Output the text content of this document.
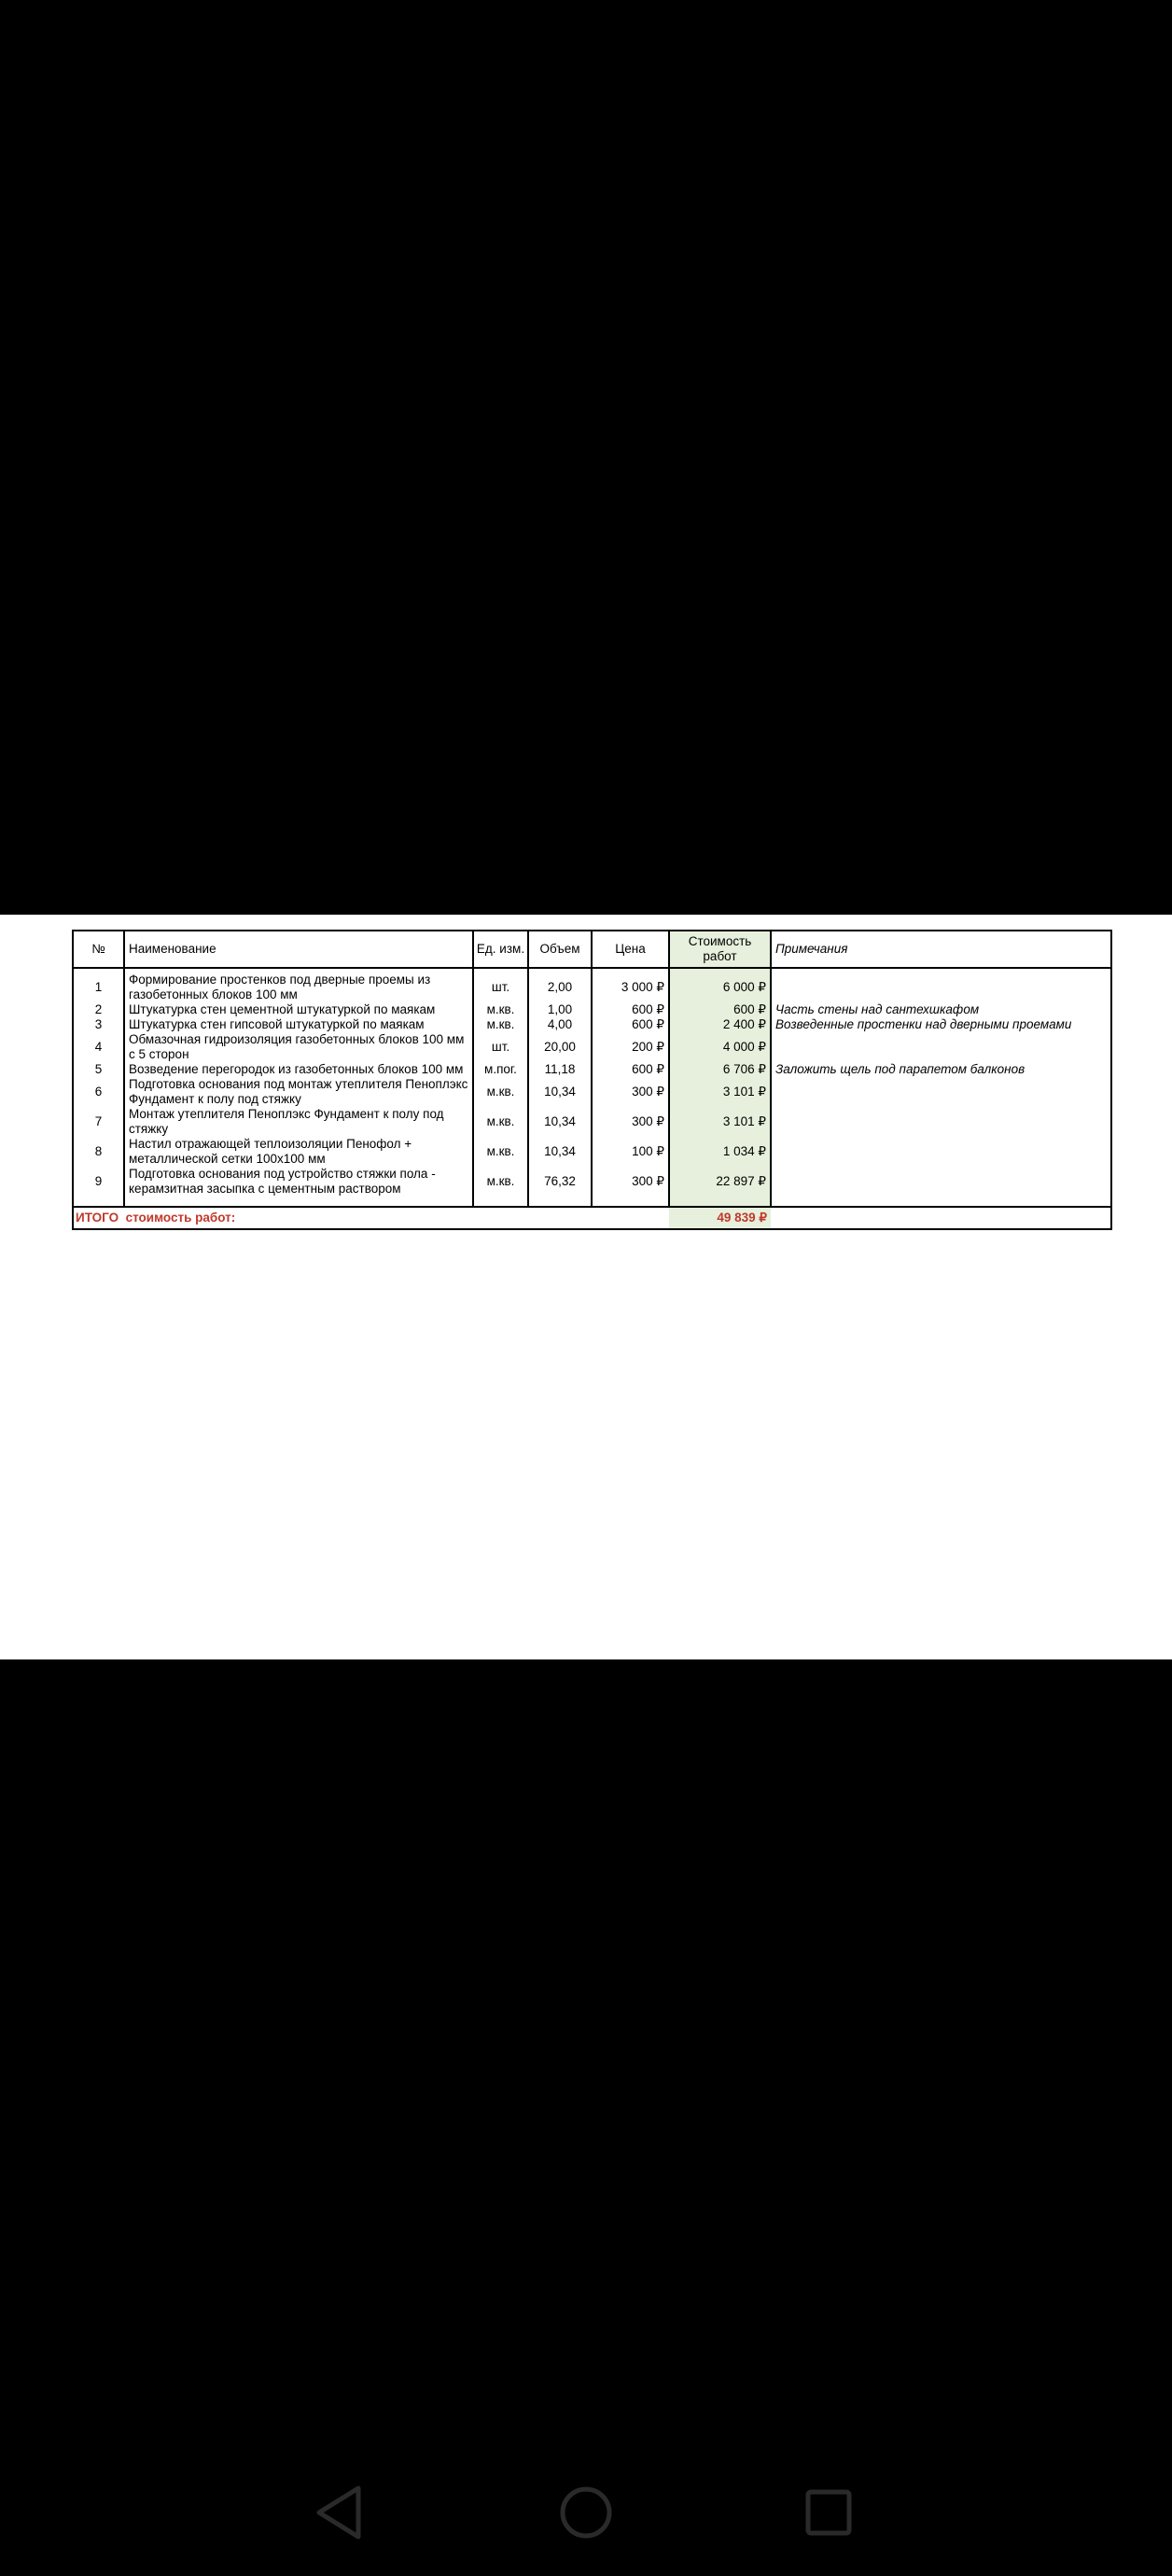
№	Наименование	Ед. изм.	Объем	Цена	Стоимость работ	Примечания
1	Формирование простенков под дверные проемы из газобетонных блоков 100 мм	шт.	2,00	3 000 ₽	6 000 ₽	
2	Штукатурка стен цементной штукатуркой по маякам	м.кв.	1,00	600 ₽	600 ₽	Часть стены над сантехшкафом
3	Штукатурка стен гипсовой штукатуркой по маякам	м.кв.	4,00	600 ₽	2 400 ₽	Возведенные простенки над дверными проемами
4	Обмазочная гидроизоляция газобетонных блоков 100 мм с 5 сторон	шт.	20,00	200 ₽	4 000 ₽	
5	Возведение перегородок из газобетонных блоков 100 мм	м.пог.	11,18	600 ₽	6 706 ₽	Заложить щель под парапетом балконов
6	Подготовка основания под монтаж утеплителя Пеноплэкс Фундамент к полу под стяжку	м.кв.	10,34	300 ₽	3 101 ₽	
7	Монтаж утеплителя Пеноплэкс Фундамент к полу под стяжку	м.кв.	10,34	300 ₽	3 101 ₽	
8	Настил отражающей теплоизоляции Пенофол + металлической сетки 100х100 мм	м.кв.	10,34	100 ₽	1 034 ₽	
9	Подготовка основания под устройство стяжки пола - керамзитная засыпка с цементным раствором	м.кв.	76,32	300 ₽	22 897 ₽	
ИТОГО  стоимость работ:					49 839 ₽	
